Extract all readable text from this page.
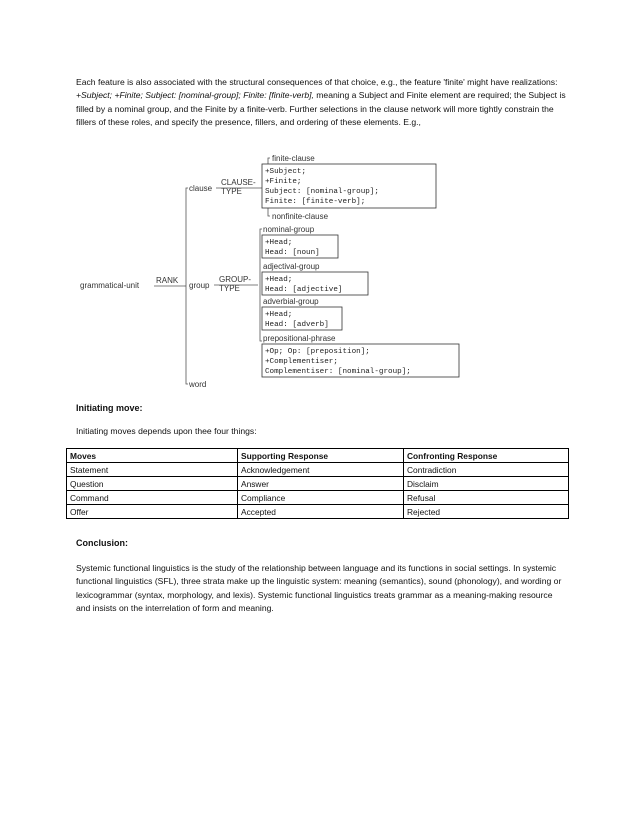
Each feature is also associated with the structural consequences of that choice, e.g., the feature 'finite' might have realizations: +Subject; +Finite; Subject: [nominal-group]; Finite: [finite-verb], meaning a Subject and Finite element are required; the Subject is filled by a nominal group, and the Finite by a finite-verb. Further selections in the clause network will more tightly constrain the fillers of these roles, and specify the presence, fillers, and ordering of these elements. E.g.,
grammatical-unit
RANK
clause
group
word
CLAUSE-
TYPE
finite-clause
+Subject;
+Finite;
Subject: [nominal-group];
Finite: [finite-verb];
nonfinite-clause
GROUP-
TYPE
nominal-group
+Head;
Head: [noun]
adjectival-group
+Head;
Head: [adjective]
adverbial-group
+Head;
Head: [adverb]
prepositional-phrase
+Op; Op: [preposition];
+Complementiser;
Complementiser: [nominal-group];
Initiating move:
Initiating moves depends upon thee four things:
Moves	Supporting Response	Confronting Response
Statement	Acknowledgement	Contradiction
Question	Answer	Disclaim
Command	Compliance	Refusal
Offer	Accepted	Rejected
Conclusion:
Systemic functional linguistics is the study of the relationship between language and its functions in social settings. In systemic functional linguistics (SFL), three strata make up the linguistic system: meaning (semantics), sound (phonology), and wording or lexicogrammar (syntax, morphology, and lexis). Systemic functional linguistics treats grammar as a meaning-making resource and insists on the interrelation of form and meaning.
